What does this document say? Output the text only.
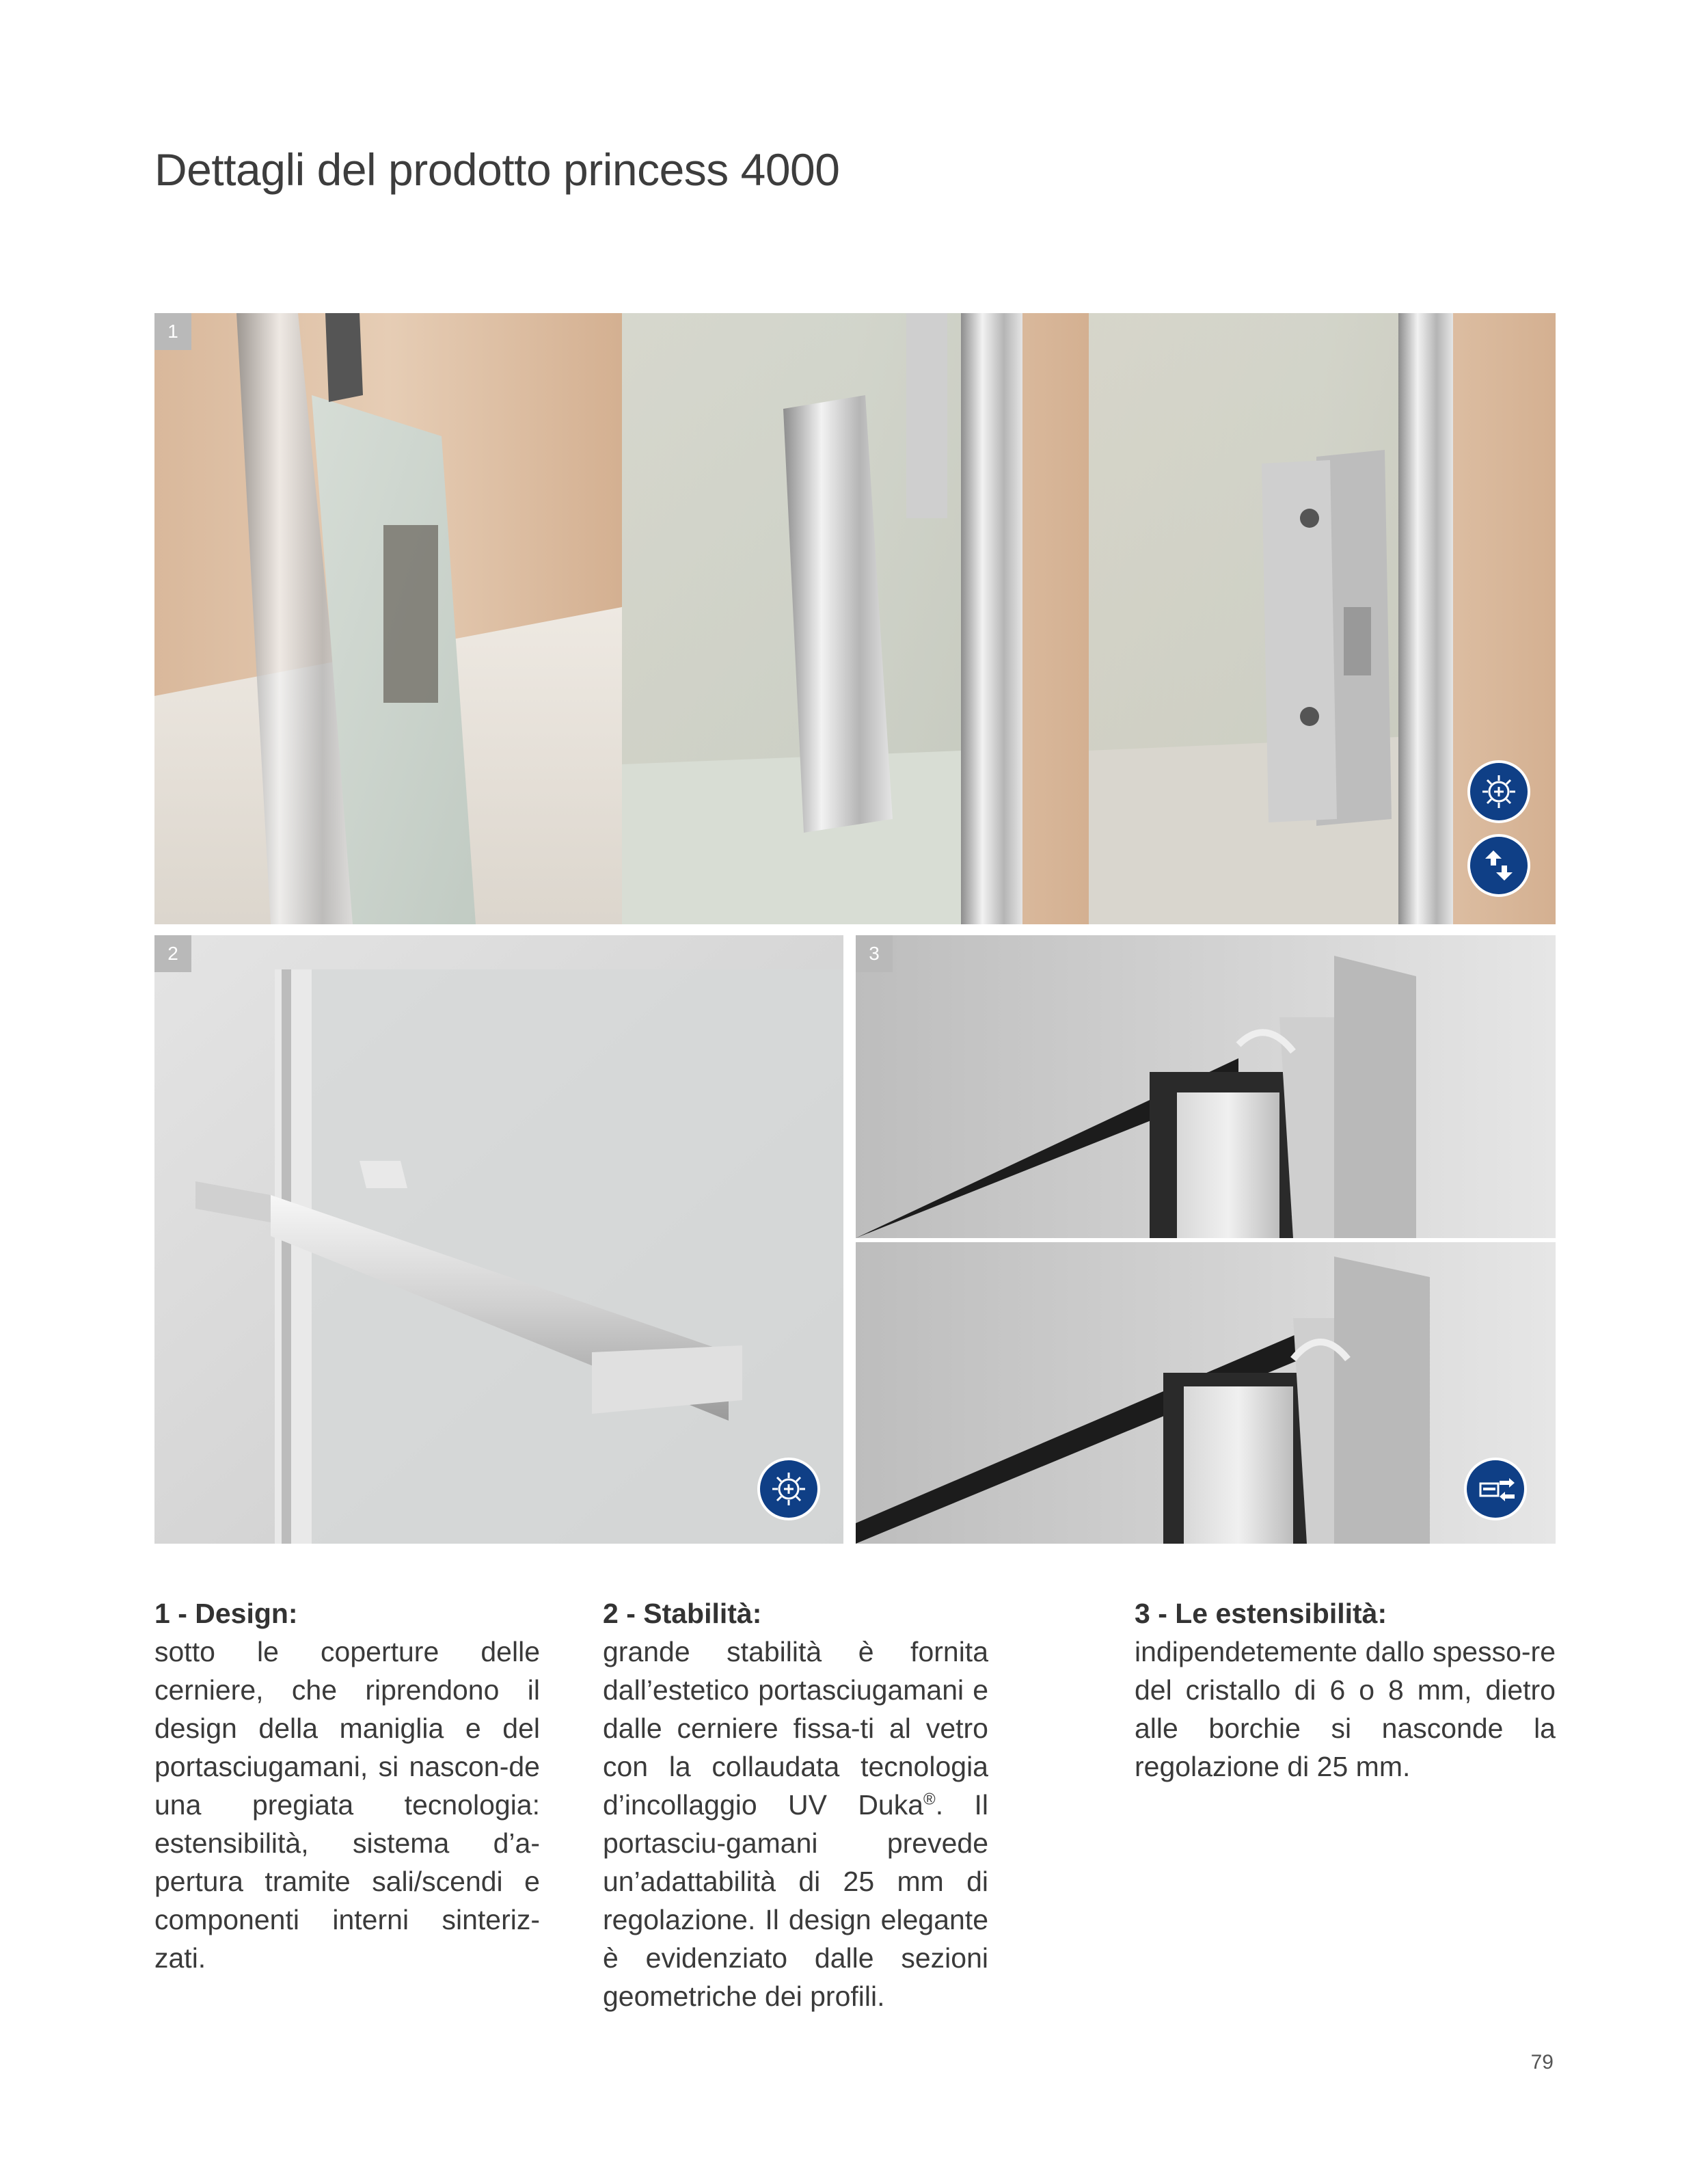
Dettagli del prodotto princess 4000
1
2	3
1 - Design:

sotto le coperture delle cerniere, che riprendono il design della maniglia e del portasciugamani, si nascon-de una pregiata tecnologia: estensibilità, sistema d’a-pertura tramite sali/scendi e componenti interni sinteriz-zati.

2 - Stabilità:

grande stabilità è fornita dall’estetico portasciugamani e dalle cerniere fissa-ti al vetro con la collaudata tecnologia d’incollaggio UV Duka®. Il portasciu-gamani prevede un’adattabilità di 25 mm di regolazione. Il design elegante è evidenziato dalle sezioni geometriche dei profili.

3 - Le estensibilità:

indipendetemente dallo spesso-re del cristallo di 6 o 8 mm, dietro alle borchie si nasconde la regolazione di 25 mm.

79
